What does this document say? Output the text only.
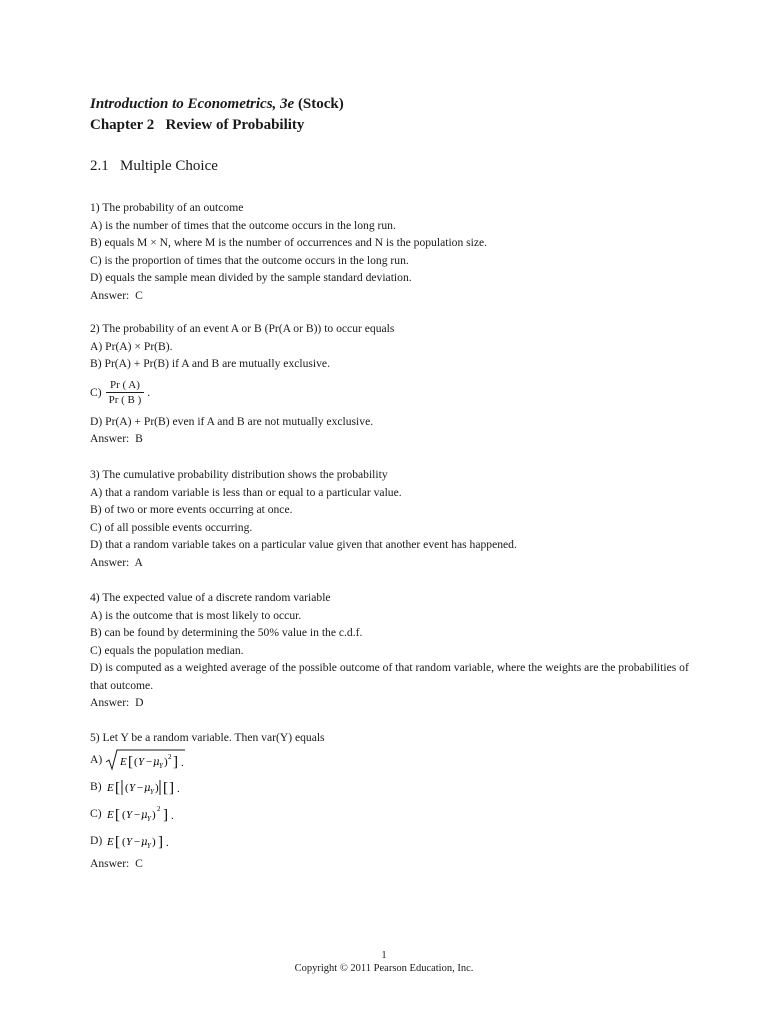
Introduction to Econometrics, 3e (Stock)
Chapter 2   Review of Probability
2.1   Multiple Choice
1) The probability of an outcome
A) is the number of times that the outcome occurs in the long run.
B) equals M × N, where M is the number of occurrences and N is the population size.
C) is the proportion of times that the outcome occurs in the long run.
D) equals the sample mean divided by the sample standard deviation.
Answer:  C
2) The probability of an event A or B (Pr(A or B)) to occur equals
A) Pr(A) × Pr(B).
B) Pr(A) + Pr(B) if A and B are mutually exclusive.
$C) \frac{Pr ( A)}{Pr ( B )}$ .
D) Pr(A) + Pr(B) even if A and B are not mutually exclusive.
Answer:  B
3) The cumulative probability distribution shows the probability
A) that a random variable is less than or equal to a particular value.
B) of two or more events occurring at once.
C) of all possible events occurring.
D) that a random variable takes on a particular value given that another event has happened.
Answer:  A
4) The expected value of a discrete random variable
A) is the outcome that is most likely to occur.
B) can be found by determining the 50% value in the c.d.f.
C) equals the population median.
D) is computed as a weighted average of the possible outcome of that random variable, where the weights are the probabilities of that outcome.
Answer:  D
5) Let Y be a random variable. Then var(Y) equals
A)
E [ ( Y − μ Y ) 2 ] .
B)
E [ ( Y − μ Y ) [ ] .
C)
E [ ( Y − μ Y ) 2 ] .
D)
E [ ( Y − μ Y ) ] .
Answer:  C
1
Copyright © 2011 Pearson Education, Inc.
